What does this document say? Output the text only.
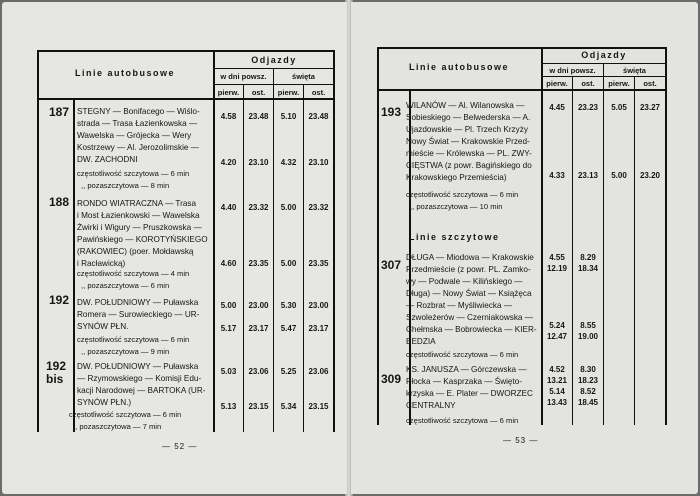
Linie autobusowe
Odjazdy
w dni powsz.	święta
pierw.	ost.	pierw.	ost.
187 STEGNY — Bonifacego — Wiślo-
strada — Trasa Łazienkowska —
Wawelska — Grójecka — Wery
Kostrzewy — Al. Jerozolimskie —
DW. ZACHODNI
4.58	23.48	5.10	23.48
4.20	23.10	4.32	23.10
częstotliwość szczytowa — 6 min
,, pozaszczytowa — 8 min
188 RONDO WIATRACZNA — Trasa
i Most Łazienkowski — Wawelska
Żwirki i Wigury — Pruszkowska —
Pawińskiego — KOROTYŃSKIEGO
(RAKOWIEC) (poer. Mołdawską
i Racławicką)
4.40	23.32	5.00	23.32
4.60	23.35	5.00	23.35
częstotliwość szczytowa — 4 min
,, pozaszczytowa — 6 min
192 DW. POŁUDNIOWY — Puławska
Romera — Surowieckiego — UR-
SYNÓW PŁN.
5.00	23.00	5.30	23.00
5.17	23.17	5.47	23.17
częstotliwość szczytowa — 6 min
,, pozaszczytowa — 9 min
192
bis
DW. POŁUDNIOWY — Puławska
— Rzymowskiego — Komisji Edu-
kacji Narodowej — BARTOKA (UR-
SYNÓW PŁN.)
5.03	23.06	5.25	23.06
5.13	23.15	5.34	23.15
częstotliwość szczytowa — 6 min
,, pozaszczytowa — 7 min
— 52 —
Linie autobusowe
Odjazdy
w dni powsz.	święta
pierw.	ost.	pierw.	ost.
193 WILANÓW — Al. Wilanowska —
Sobieskiego — Belwederska — A.
Ujazdowskie — Pl. Trzech Krzyży
Nowy Świat — Krakowskie Przed-
mieście — Królewska — PL. ZWY-
CIĘSTWA (z powr. Bagińskiego do
Krakowskiego Przemieścia)
4.45	23.23	5.05	23.27
4.33	23.13	5.00	23.20
częstotliwość szczytowa — 6 min
,, pozaszczytowa — 10 min
Linie szczytowe
307
DŁUGA — Miodowa — Krakowskie
Przedmieście (z powr. PL. Zamko-
wy — Podwale — Kilińskiego —
Długa) — Nowy Świat — Książęca
— Rozbrat — Myśliwiecka —
Szwoleżerów — Czerniakowska —
Chełmska — Bobrowiecka — KIER-
BEDZIA
4.55	8.29
12.19	18.34
5.24	8.55
12.47	19.00
częstotliwość szczytowa — 6 min
309
KS. JANUSZA — Górczewska —
Płocka — Kasprzaka — Święto-
krzyska — E. Plater — DWORZEC
CENTRALNY
4.52	8.30
13.21	18.23
5.14	8.52
13.43	18.45
częstotliwość szczytowa — 6 min
— 53 —
